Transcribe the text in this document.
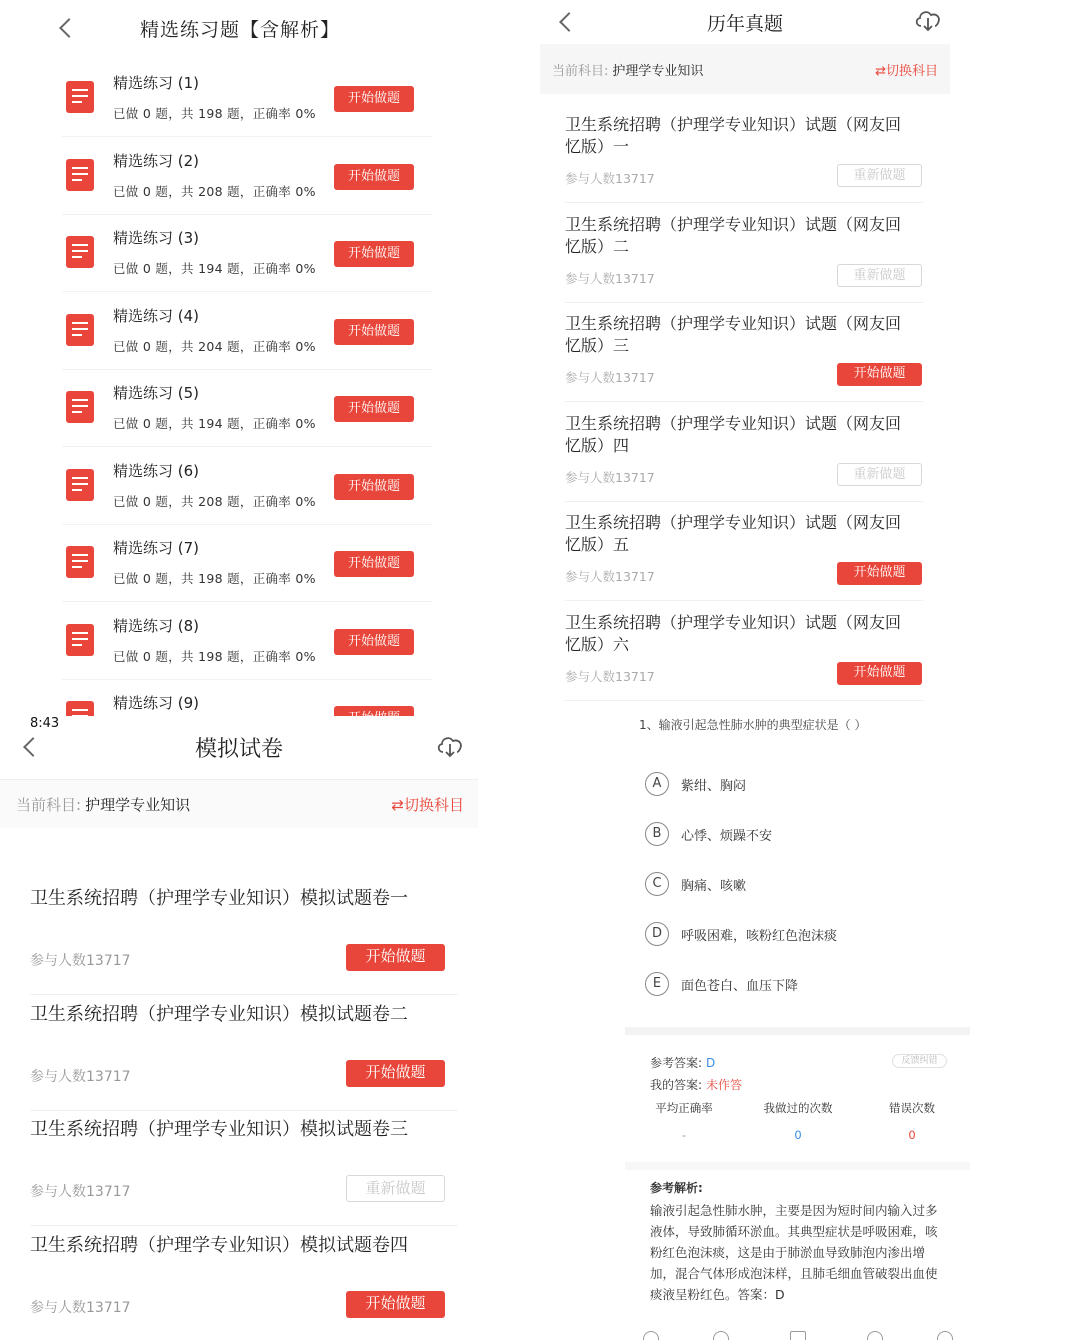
精选练习题【含解析】
精选练习 (1)
已做 0 题，共 198 题，正确率 0%
开始做题
精选练习 (2)
已做 0 题，共 208 题，正确率 0%
开始做题
精选练习 (3)
已做 0 题，共 194 题，正确率 0%
开始做题
精选练习 (4)
已做 0 题，共 204 题，正确率 0%
开始做题
精选练习 (5)
已做 0 题，共 194 题，正确率 0%
开始做题
精选练习 (6)
已做 0 题，共 208 题，正确率 0%
开始做题
精选练习 (7)
已做 0 题，共 198 题，正确率 0%
开始做题
精选练习 (8)
已做 0 题，共 198 题，正确率 0%
开始做题
精选练习 (9)
历年真题
当前科目: 护理学专业知识	⇄切换科目
卫生系统招聘（护理学专业知识）试题（网友回忆版）一
参与人数13717	重新做题
卫生系统招聘（护理学专业知识）试题（网友回忆版）二
参与人数13717	重新做题
卫生系统招聘（护理学专业知识）试题（网友回忆版）三
参与人数13717	开始做题
卫生系统招聘（护理学专业知识）试题（网友回忆版）四
参与人数13717	重新做题
卫生系统招聘（护理学专业知识）试题（网友回忆版）五
参与人数13717	开始做题
卫生系统招聘（护理学专业知识）试题（网友回忆版）六
参与人数13717	开始做题
模拟试卷
当前科目: 护理学专业知识	⇄切换科目
卫生系统招聘（护理学专业知识）模拟试题卷一
参与人数13717	开始做题
卫生系统招聘（护理学专业知识）模拟试题卷二
参与人数13717	开始做题
卫生系统招聘（护理学专业知识）模拟试题卷三
参与人数13717	重新做题
卫生系统招聘（护理学专业知识）模拟试题卷四
参与人数13717	开始做题
8:43	1、输液引起急性肺水肿的典型症状是（ ）
A	紫绀、胸闷
B	心悸、烦躁不安
C	胸痛、咳嗽
D	呼吸困难，咳粉红色泡沫痰
E	面色苍白、血压下降
参考答案: D	反馈纠错
我的答案: 未作答
平均正确率	我做过的次数	错误次数
-	0	0
参考解析:
输液引起急性肺水肿，主要是因为短时间内输入过多液体，导致肺循环淤血。其典型症状是呼吸困难，咳粉红色泡沫痰，这是由于肺淤血导致肺泡内渗出增加，混合气体形成泡沫样，且肺毛细血管破裂出血使痰液呈粉红色。答案：D
